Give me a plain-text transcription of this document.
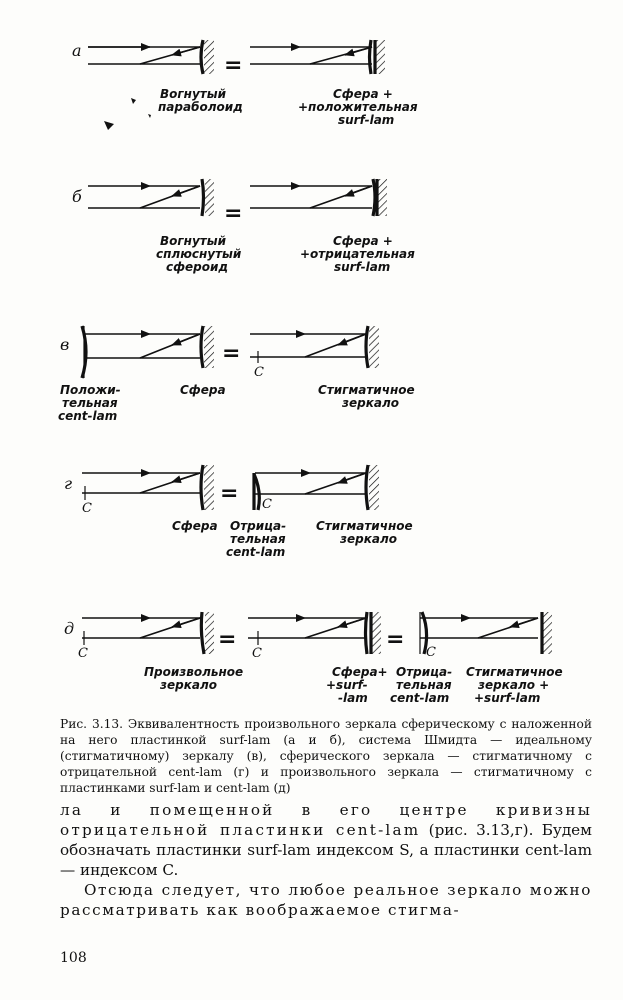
а
=
Вогнутый
параболоид
Сфера +
+положительная
surf-lam
б
=
Вогнутый
сплюснутый
сфероид
Сфера +
+отрицательная
surf-lam
в	=
C
Положи-
тельная
cent-lam
Сфера	Стигматичное
зеркало
г
C
= C
Сфера Отрица-
тельная
cent-lam
Стигматичное
зеркало
д
C
=
C
=
C
Произвольное
зеркало
Сфера+
+surf-
-lam
Отрица-
тельная
cent-lam
Стигматичное
зеркало +
+surf-lam
Рис. 3.13. Эквивалентность произвольного зеркала сферическому с наложенной на него пластинкой surf-lam (а и б), система Шмидта — идеальному (стигматичному) зеркалу (в), сферического зеркала — стигматичному с отрицательной cent-lam (г) и произвольного зеркала — стигматичному с пластинками surf-lam и cent-lam (д)

ла и помещенной в его центре кривизны отрицательной пластинки cent-lam (рис. 3.13,г). Будем обозначать пластинки surf-lam индексом S, а пластинки cent-lam — индексом C.

Отсюда следует, что любое реальное зеркало можно рассматривать как воображаемое стигма-

108
